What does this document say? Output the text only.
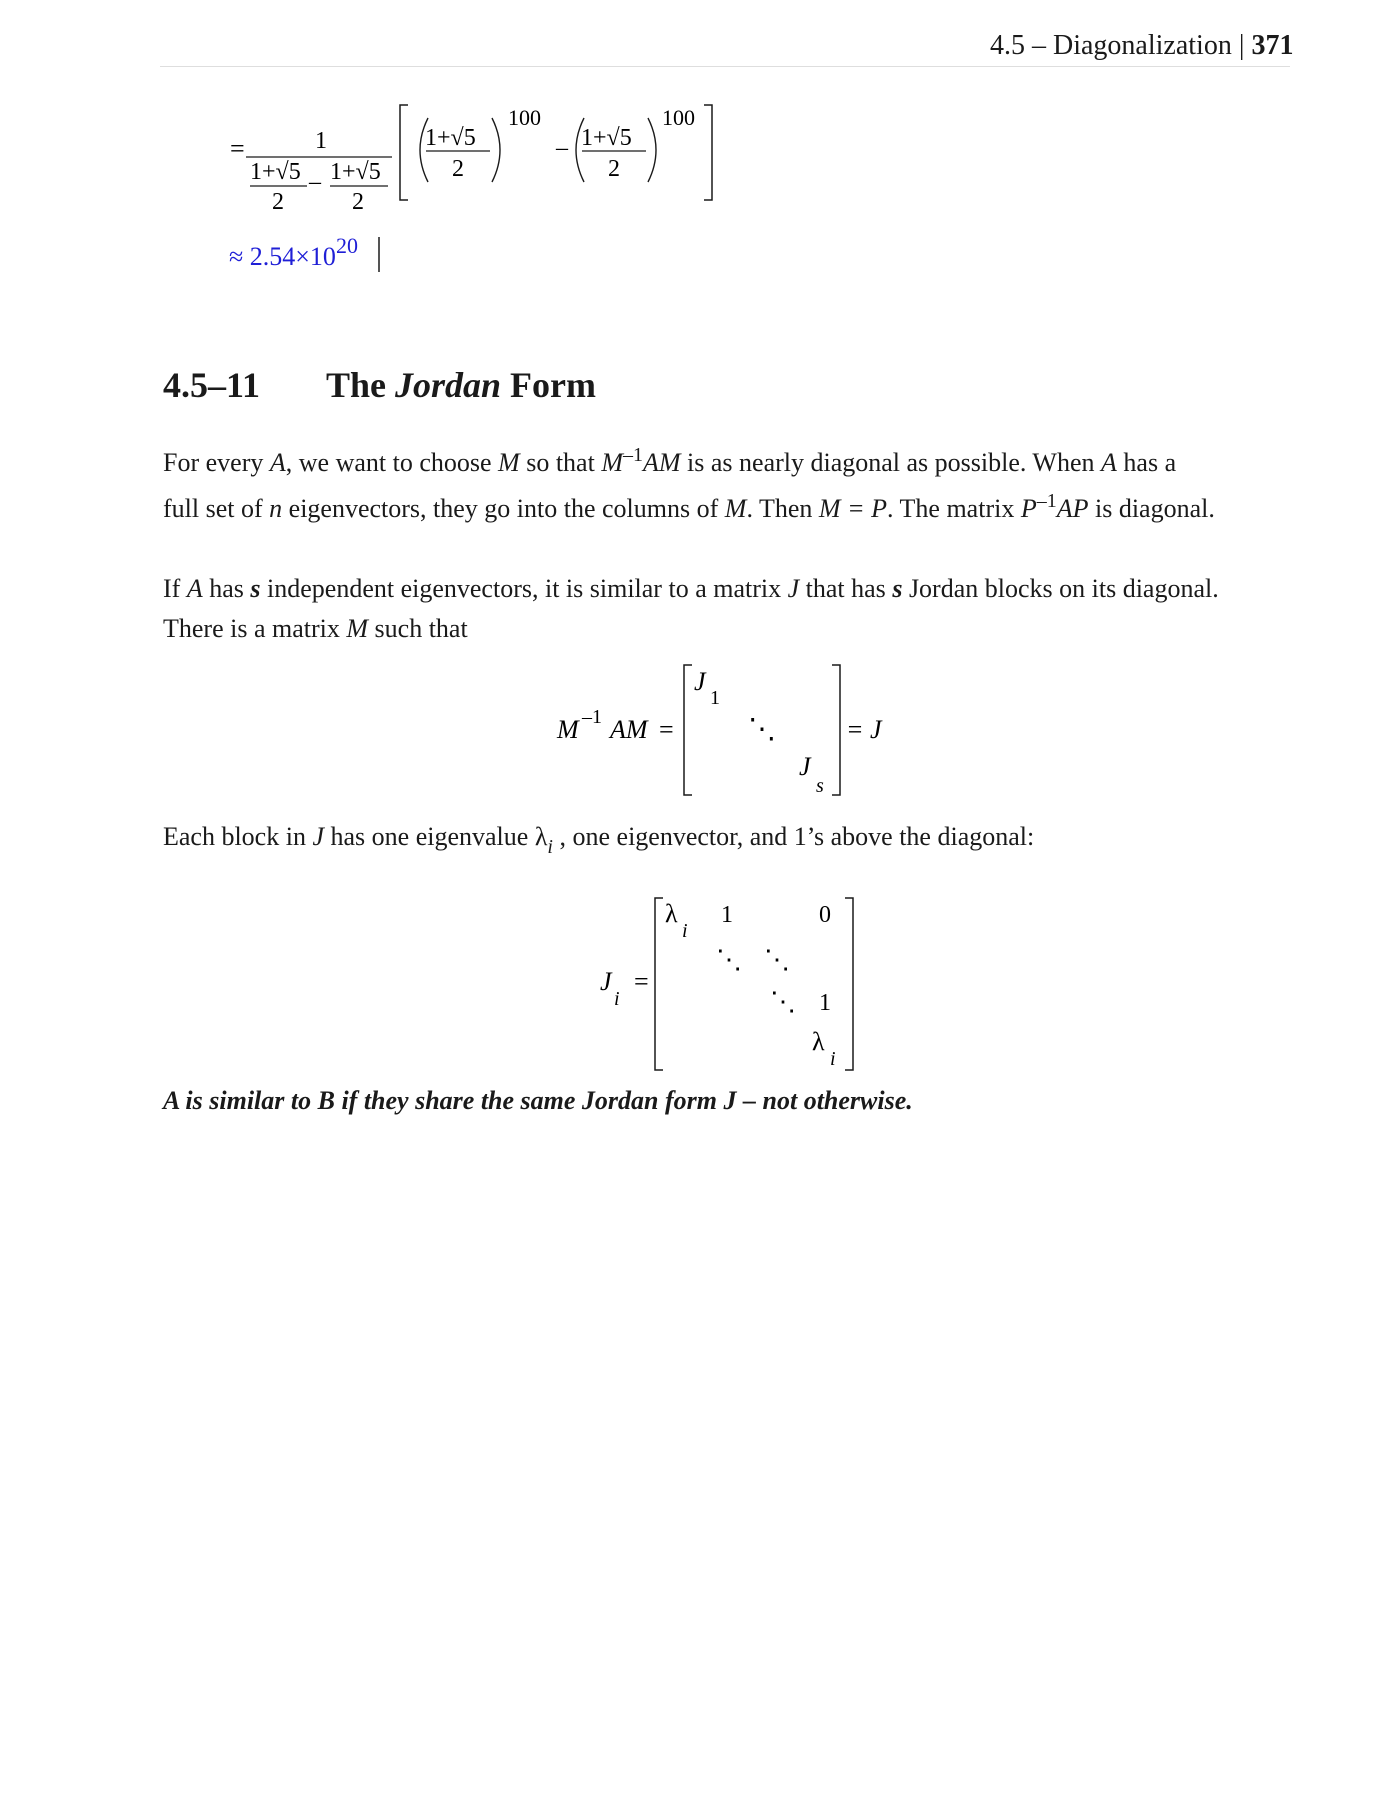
4.5 – Diagonalization | 371
=	1
1+√5
2
– 1+√5
2
1+√5
2
100
– 1+√5
2
100
≈ 2.54×10 20
4.5–11 The Jordan Form
For every A, we want to choose M so that $M^{-1}AM$ is as nearly diagonal as possible. When A has a
full set of n eigenvectors, they go into the columns of M. Then M = P. The matrix $P^{-1}AP$ is diagonal.
If A has s independent eigenvectors, it is similar to a matrix J that has s Jordan blocks on its diagonal.
There is a matrix M such that
M –1 AM =
J
1
⋱
J
s
= J
Each block in J has one eigenvalue $\lambda_i$ , one eigenvector, and 1’s above the diagonal:
J
i
=
λ
i
1	0
⋱ ⋱
⋱ 1
λ
i
A is similar to B if they share the same Jordan form J – not otherwise.
